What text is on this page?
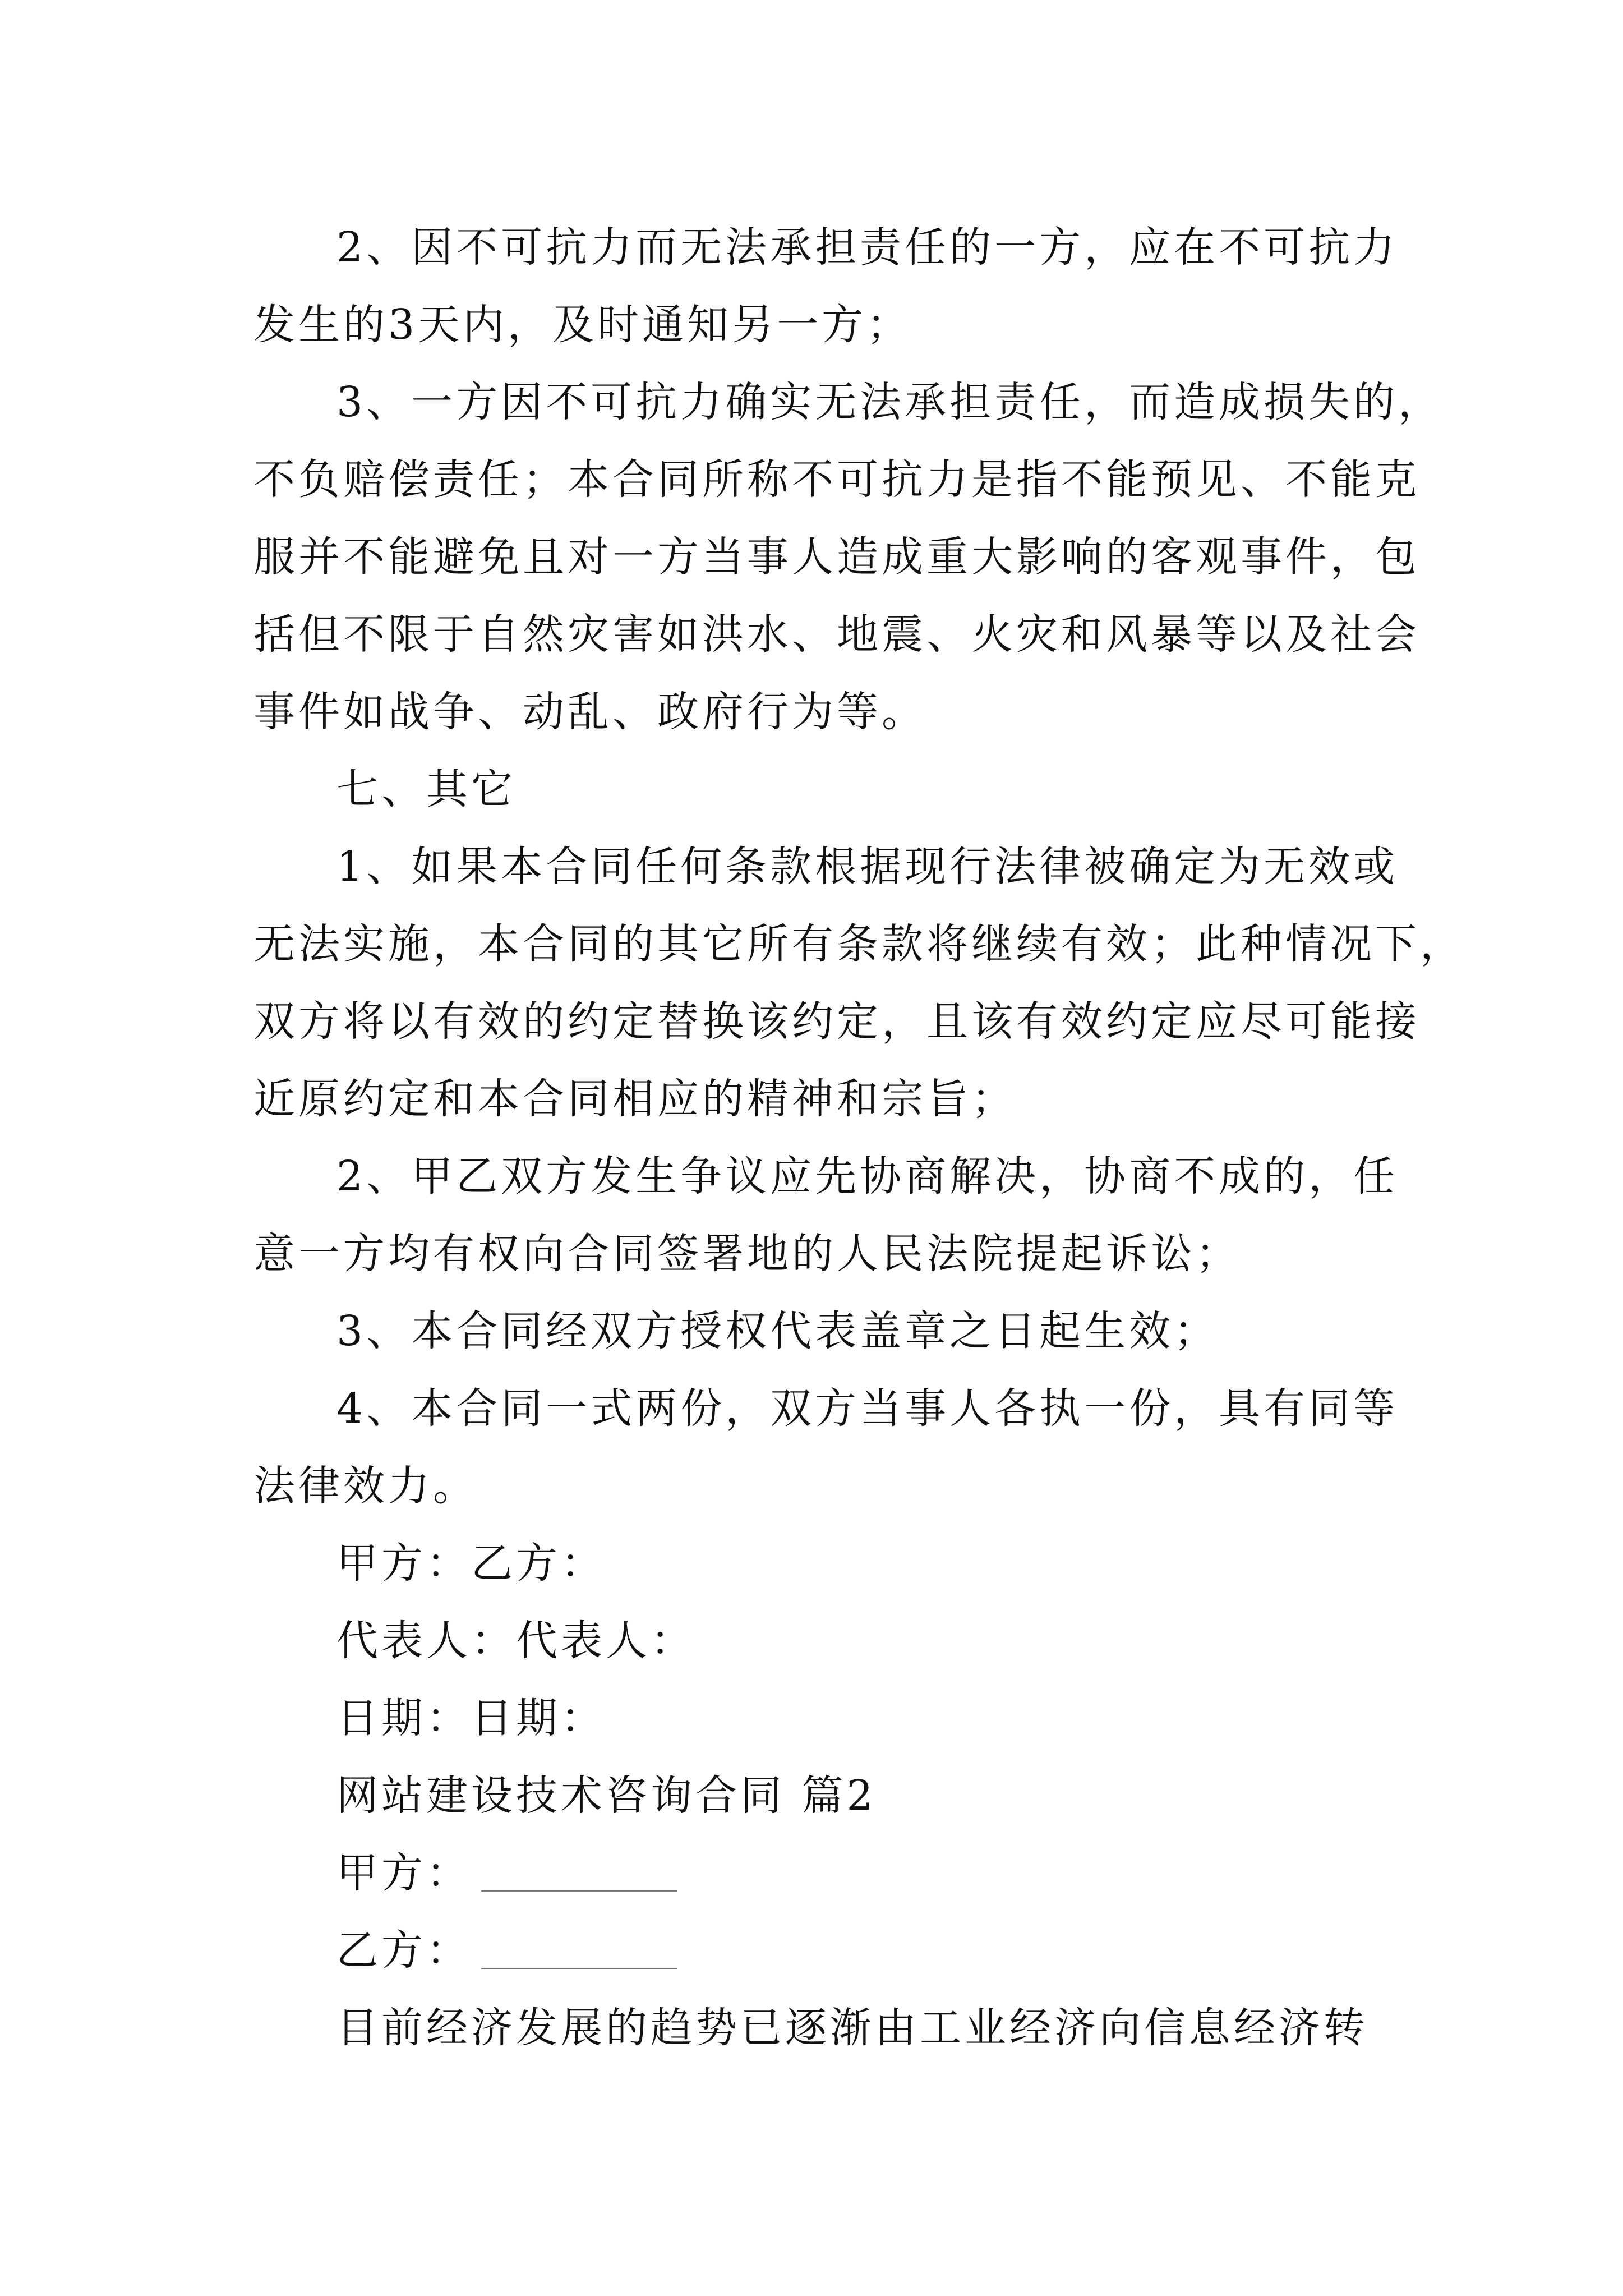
2、因不可抗力而无法承担责任的一方，应在不可抗力
发生的3天内，及时通知另一方；
3、一方因不可抗力确实无法承担责任，而造成损失的，
不负赔偿责任；本合同所称不可抗力是指不能预见、不能克
服并不能避免且对一方当事人造成重大影响的客观事件，包
括但不限于自然灾害如洪水、地震、火灾和风暴等以及社会
事件如战争、动乱、政府行为等。
七、其它
1、如果本合同任何条款根据现行法律被确定为无效或
无法实施，本合同的其它所有条款将继续有效；此种情况下，
双方将以有效的约定替换该约定，且该有效约定应尽可能接
近原约定和本合同相应的精神和宗旨；
2、甲乙双方发生争议应先协商解决，协商不成的，任
意一方均有权向合同签署地的人民法院提起诉讼；
3、本合同经双方授权代表盖章之日起生效；
4、本合同一式两份，双方当事人各执一份，具有同等
法律效力。
甲方：乙方：
代表人：代表人：
日期：日期：
网站建设技术咨询合同 篇2
甲方：
乙方：
目前经济发展的趋势已逐渐由工业经济向信息经济转
